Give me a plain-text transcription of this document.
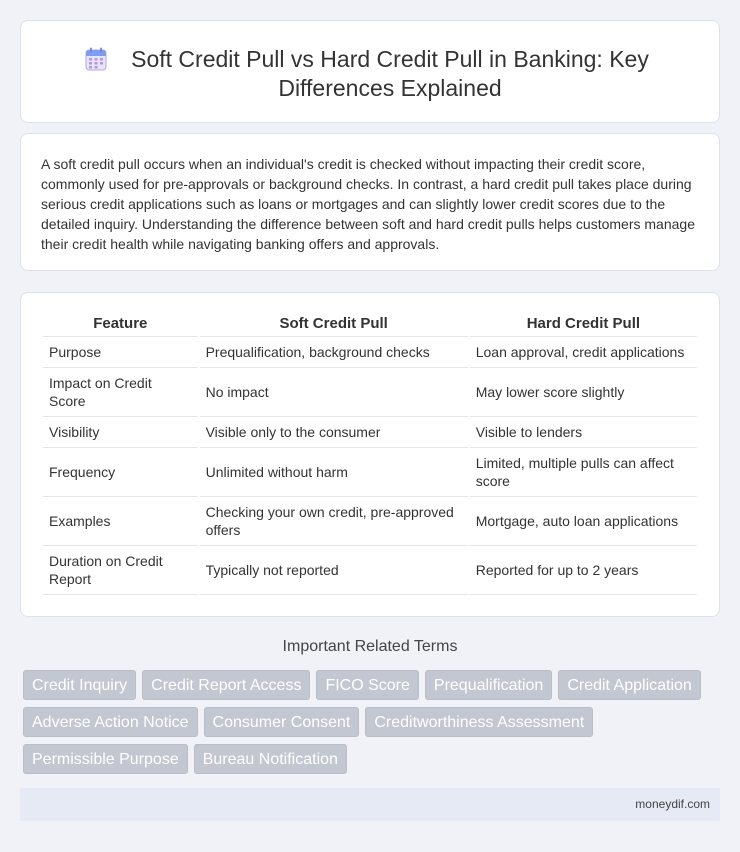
Soft Credit Pull vs Hard Credit Pull in Banking: Key Differences Explained

A soft credit pull occurs when an individual's credit is checked without impacting their credit score, commonly used for pre-approvals or background checks. In contrast, a hard credit pull takes place during serious credit applications such as loans or mortgages and can slightly lower credit scores due to the detailed inquiry. Understanding the difference between soft and hard credit pulls helps customers manage their credit health while navigating banking offers and approvals.

Feature	Soft Credit Pull	Hard Credit Pull
Purpose	Prequalification, background checks	Loan approval, credit applications
Impact on Credit Score	No impact	May lower score slightly
Visibility	Visible only to the consumer	Visible to lenders
Frequency	Unlimited without harm	Limited, multiple pulls can affect score
Examples	Checking your own credit, pre-approved offers	Mortgage, auto loan applications
Duration on Credit Report	Typically not reported	Reported for up to 2 years
Important Related Terms
Credit Inquiry	Credit Report Access	FICO Score	Prequalification	Credit Application
Adverse Action Notice	Consumer Consent	Creditworthiness Assessment
Permissible Purpose	Bureau Notification
moneydif.com
